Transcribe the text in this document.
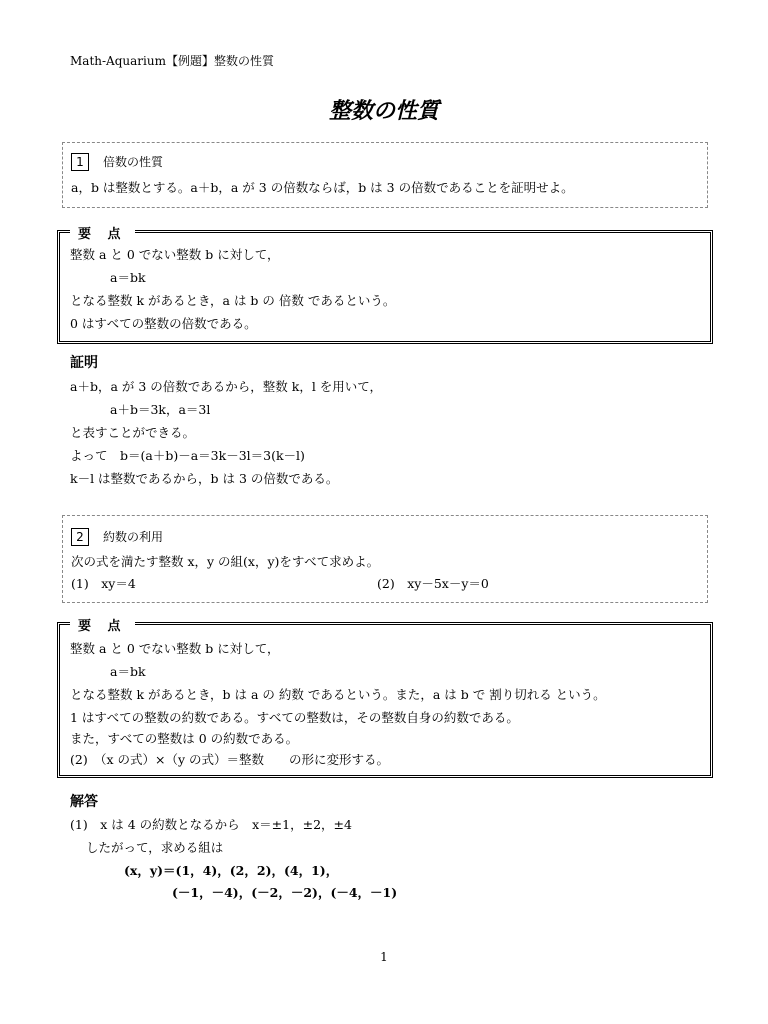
Math-Aquarium【例題】整数の性質
整数の性質
1 倍数の性質
a，b は整数とする。a＋b，a が 3 の倍数ならば，b は 3 の倍数であることを証明せよ。
要 点
整数 a と 0 でない整数 b に対して，
a＝bk
となる整数 k があるとき，a は b の 倍数 であるという。
0 はすべての整数の倍数である。
証明
a＋b，a が 3 の倍数であるから，整数 k，l を用いて，
a＋b＝3k，a＝3l
と表すことができる。
よって　b＝(a＋b)－a＝3k－3l＝3(k－l)
k－l は整数であるから，b は 3 の倍数である。
2 約数の利用
次の式を満たす整数 x，y の組(x，y)をすべて求めよ。
(1)　xy＝4	(2)　xy－5x－y＝0
要 点
整数 a と 0 でない整数 b に対して，
a＝bk
となる整数 k があるとき，b は a の 約数 であるという。また，a は b で 割り切れる という。
1 はすべての整数の約数である。すべての整数は，その整数自身の約数である。
また，すべての整数は 0 の約数である。
(2)　（x の式）×（y の式）＝整数　　の形に変形する。
解答
(1)　x は 4 の約数となるから　x＝±1，±2，±4
したがって，求める組は
(x，y)＝(1，4)，(2，2)，(4，1)，
(－1，－4)，(－2，－2)，(－4，－1)
1
